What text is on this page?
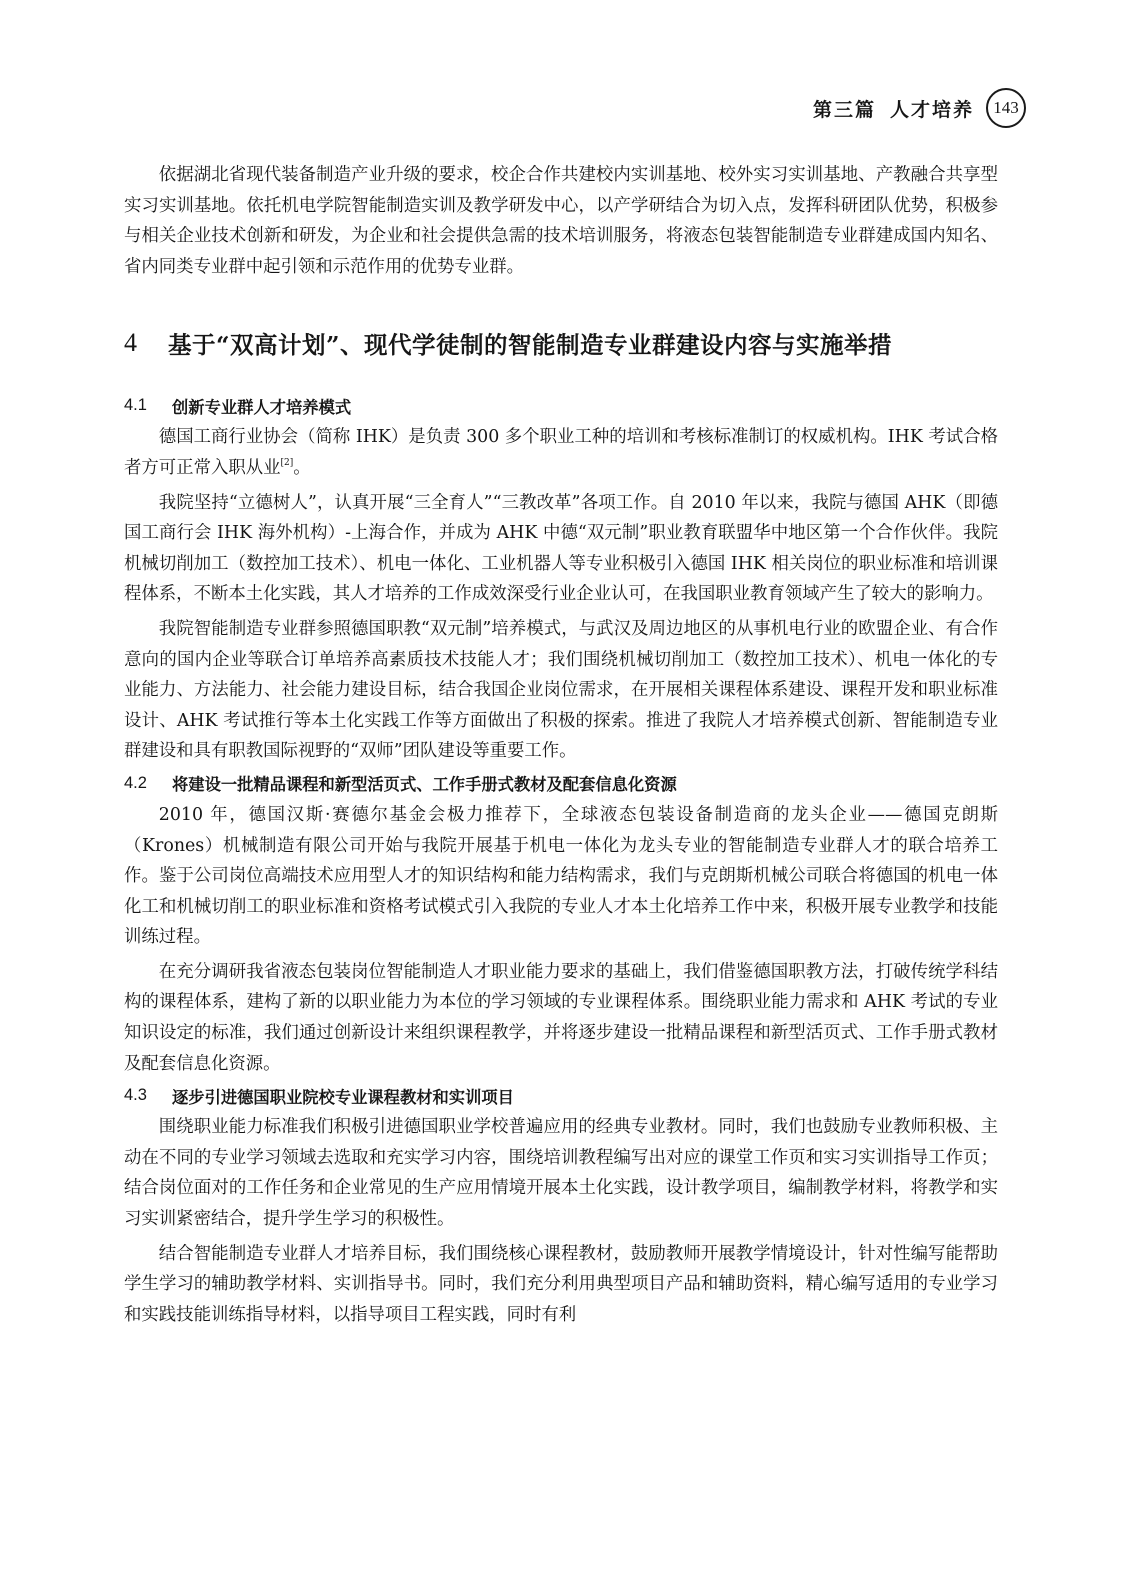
第三篇 人才培养	143

依据湖北省现代装备制造产业升级的要求，校企合作共建校内实训基地、校外实习实训基地、产教融合共享型实习实训基地。依托机电学院智能制造实训及教学研发中心，以产学研结合为切入点，发挥科研团队优势，积极参与相关企业技术创新和研发，为企业和社会提供急需的技术培训服务，将液态包装智能制造专业群建成国内知名、省内同类专业群中起引领和示范作用的优势专业群。

4	基于“双高计划”、现代学徒制的智能制造专业群建设内容与实施举措
4.1	创新专业群人才培养模式

德国工商行业协会（简称 IHK）是负责 300 多个职业工种的培训和考核标准制订的权威机构。IHK 考试合格者方可正常入职从业[2]。

我院坚持“立德树人”，认真开展“三全育人”“三教改革”各项工作。自 2010 年以来，我院与德国 AHK（即德国工商行会 IHK 海外机构）-上海合作，并成为 AHK 中德“双元制”职业教育联盟华中地区第一个合作伙伴。我院机械切削加工（数控加工技术）、机电一体化、工业机器人等专业积极引入德国 IHK 相关岗位的职业标准和培训课程体系，不断本土化实践，其人才培养的工作成效深受行业企业认可，在我国职业教育领域产生了较大的影响力。

我院智能制造专业群参照德国职教“双元制”培养模式，与武汉及周边地区的从事机电行业的欧盟企业、有合作意向的国内企业等联合订单培养高素质技术技能人才；我们围绕机械切削加工（数控加工技术）、机电一体化的专业能力、方法能力、社会能力建设目标，结合我国企业岗位需求，在开展相关课程体系建设、课程开发和职业标准设计、AHK 考试推行等本土化实践工作等方面做出了积极的探索。推进了我院人才培养模式创新、智能制造专业群建设和具有职教国际视野的“双师”团队建设等重要工作。

4.2	将建设一批精品课程和新型活页式、工作手册式教材及配套信息化资源

2010 年，德国汉斯·赛德尔基金会极力推荐下，全球液态包装设备制造商的龙头企业——德国克朗斯（Krones）机械制造有限公司开始与我院开展基于机电一体化为龙头专业的智能制造专业群人才的联合培养工作。鉴于公司岗位高端技术应用型人才的知识结构和能力结构需求，我们与克朗斯机械公司联合将德国的机电一体化工和机械切削工的职业标准和资格考试模式引入我院的专业人才本土化培养工作中来，积极开展专业教学和技能训练过程。

在充分调研我省液态包装岗位智能制造人才职业能力要求的基础上，我们借鉴德国职教方法，打破传统学科结构的课程体系，建构了新的以职业能力为本位的学习领域的专业课程体系。围绕职业能力需求和 AHK 考试的专业知识设定的标准，我们通过创新设计来组织课程教学，并将逐步建设一批精品课程和新型活页式、工作手册式教材及配套信息化资源。

4.3	逐步引进德国职业院校专业课程教材和实训项目

围绕职业能力标准我们积极引进德国职业学校普遍应用的经典专业教材。同时，我们也鼓励专业教师积极、主动在不同的专业学习领域去选取和充实学习内容，围绕培训教程编写出对应的课堂工作页和实习实训指导工作页；结合岗位面对的工作任务和企业常见的生产应用情境开展本土化实践，设计教学项目，编制教学材料，将教学和实习实训紧密结合，提升学生学习的积极性。

结合智能制造专业群人才培养目标，我们围绕核心课程教材，鼓励教师开展教学情境设计，针对性编写能帮助学生学习的辅助教学材料、实训指导书。同时，我们充分利用典型项目产品和辅助资料，精心编写适用的专业学习和实践技能训练指导材料，以指导项目工程实践，同时有利
